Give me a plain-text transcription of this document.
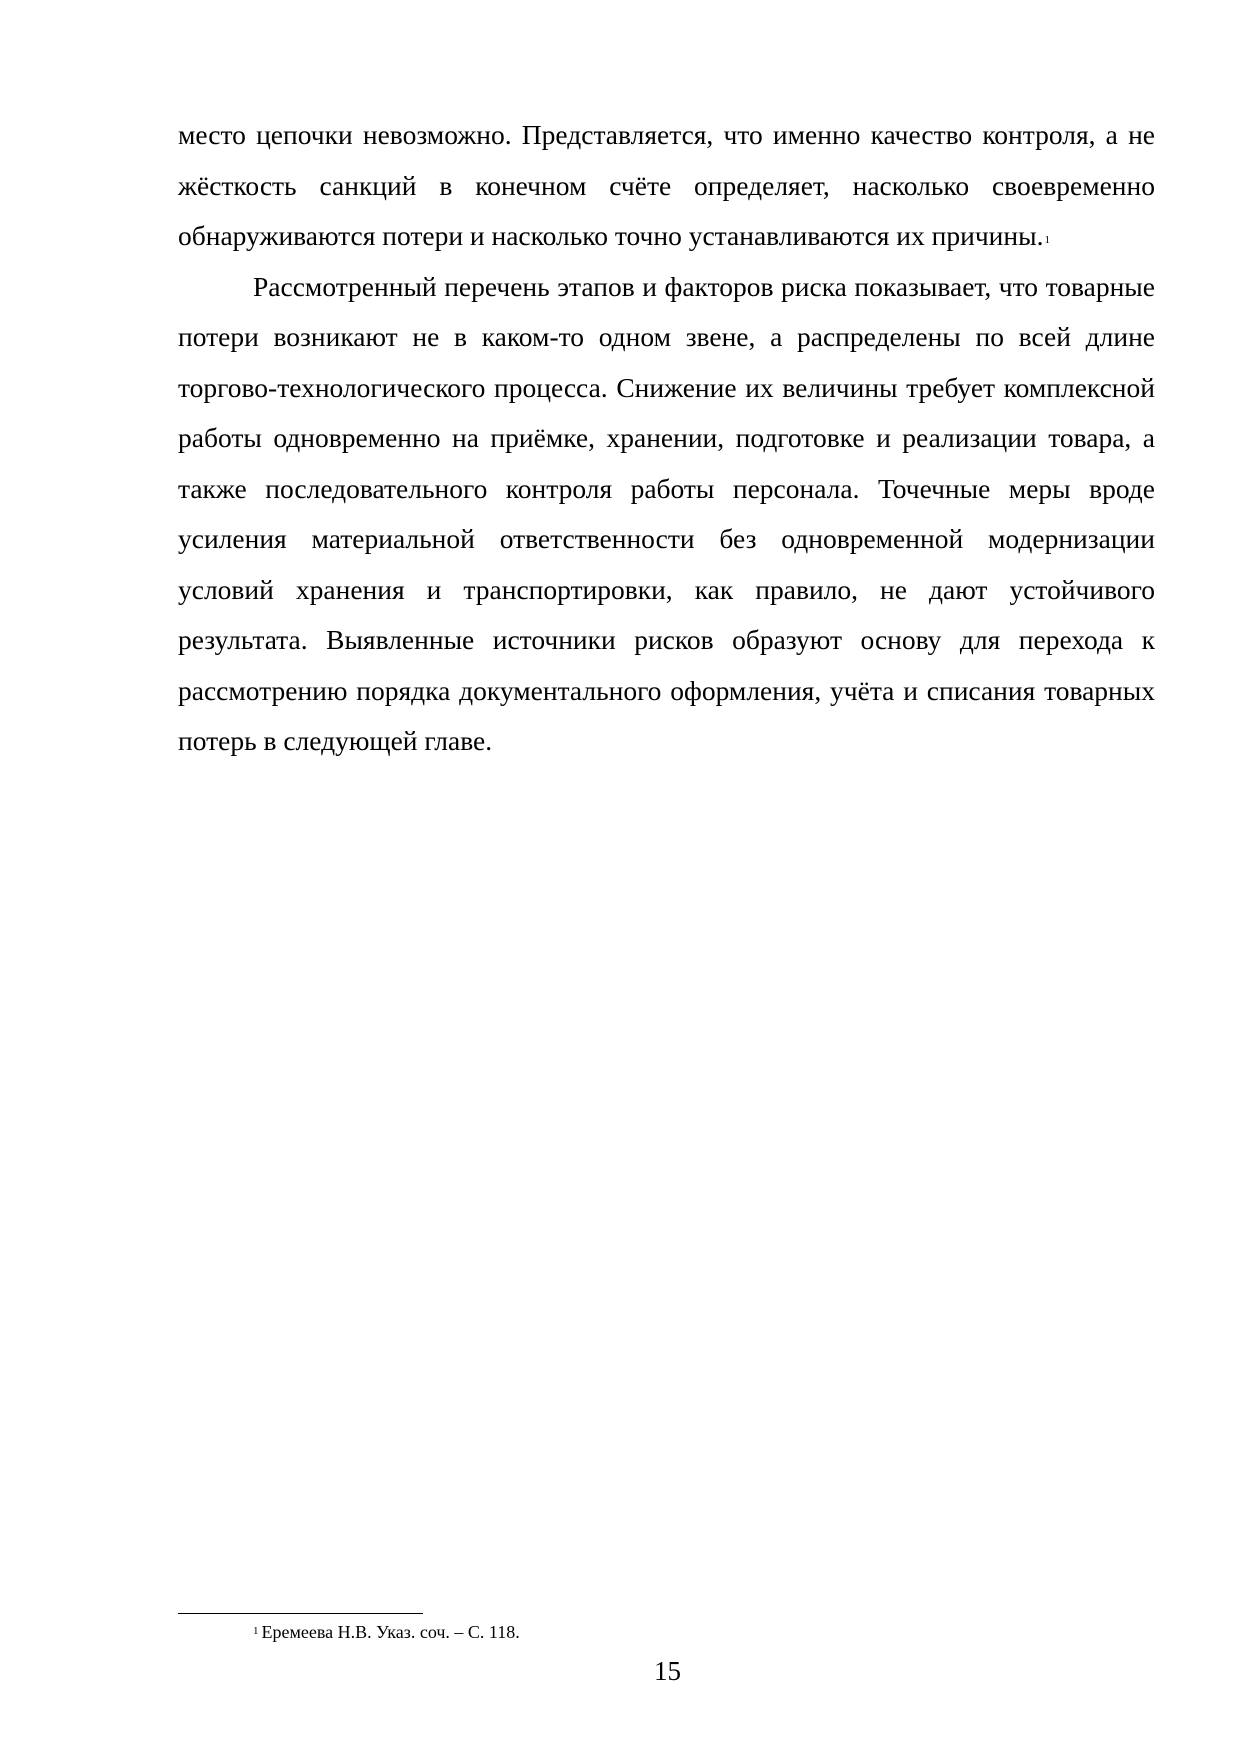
место цепочки невозможно. Представляется, что именно качество контроля, а не жёсткость санкций в конечном счёте определяет, насколько своевременно обнаруживаются потери и насколько точно устанавливаются их причины.$^1$

Рассмотренный перечень этапов и факторов риска показывает, что товарные потери возникают не в каком-то одном звене, а распределены по всей длине торгово-технологического процесса. Снижение их величины требует комплексной работы одновременно на приёмке, хранении, подготовке и реализации товара, а также последовательного контроля работы персонала. Точечные меры вроде усиления материальной ответственности без одновременной модернизации условий хранения и транспортировки, как правило, не дают устойчивого результата. Выявленные источники рисков образуют основу для перехода к рассмотрению порядка документального оформления, учёта и списания товарных потерь в следующей главе.

$^1$ Еремеева Н.В. Указ. соч. – С. 118.
15
